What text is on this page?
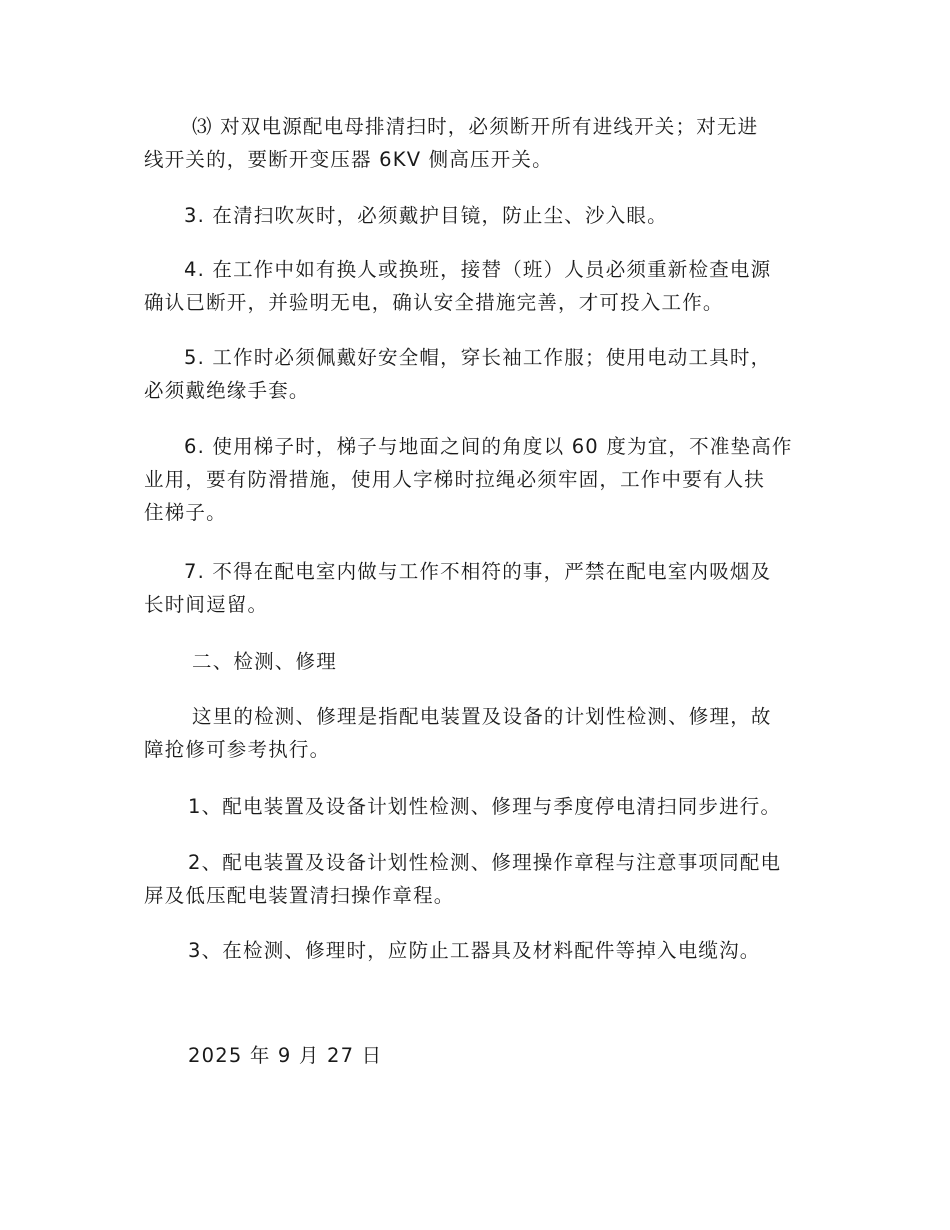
⑶ 对双电源配电母排清扫时，必须断开所有进线开关；对无进
线开关的，要断开变压器 6KV 侧高压开关。

3. 在清扫吹灰时，必须戴护目镜，防止尘、沙入眼。

4. 在工作中如有换人或换班，接替（班）人员必须重新检查电源
确认已断开，并验明无电，确认安全措施完善，才可投入工作。

5. 工作时必须佩戴好安全帽，穿长袖工作服；使用电动工具时，
必须戴绝缘手套。

6. 使用梯子时，梯子与地面之间的角度以 60 度为宜，不准垫高作
业用，要有防滑措施，使用人字梯时拉绳必须牢固，工作中要有人扶
住梯子。

7. 不得在配电室内做与工作不相符的事，严禁在配电室内吸烟及
长时间逗留。

二、检测、修理

这里的检测、修理是指配电装置及设备的计划性检测、修理，故
障抢修可参考执行。

1、配电装置及设备计划性检测、修理与季度停电清扫同步进行。

2、配电装置及设备计划性检测、修理操作章程与注意事项同配电
屏及低压配电装置清扫操作章程。

3、在检测、修理时，应防止工器具及材料配件等掉入电缆沟。

2025 年 9 月 27 日
